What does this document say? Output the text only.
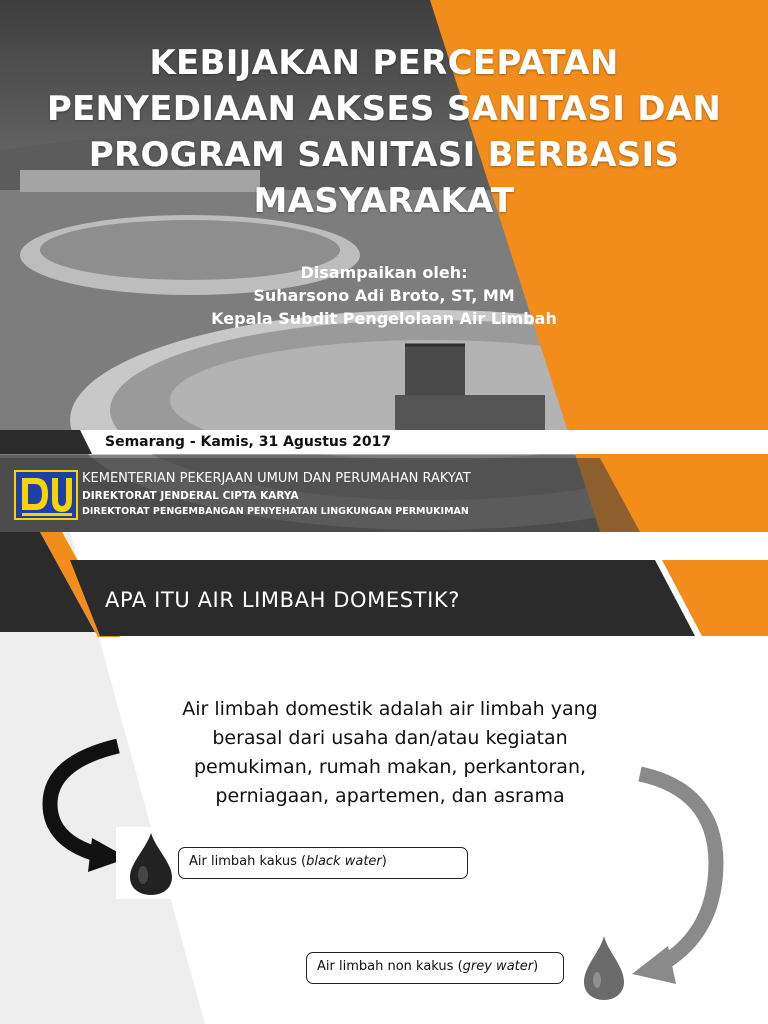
KEBIJAKAN PERCEPATAN
PENYEDIAAN AKSES SANITASI DAN
PROGRAM SANITASI BERBASIS
MASYARAKAT
Disampaikan oleh:
Suharsono Adi Broto, ST, MM
Kepala Subdit Pengelolaan Air Limbah
Semarang - Kamis, 31 Agustus 2017
KEMENTERIAN PEKERJAAN UMUM DAN PERUMAHAN RAKYAT
DIREKTORAT JENDERAL CIPTA KARYA
DIREKTORAT PENGEMBANGAN PENYEHATAN LINGKUNGAN PERMUKIMAN
APA ITU AIR LIMBAH DOMESTIK?
Air limbah domestik adalah air limbah yang
berasal dari usaha dan/atau kegiatan
pemukiman, rumah makan, perkantoran,
perniagaan, apartemen, dan asrama
Air limbah kakus (black water)
Air limbah non kakus (grey water)
